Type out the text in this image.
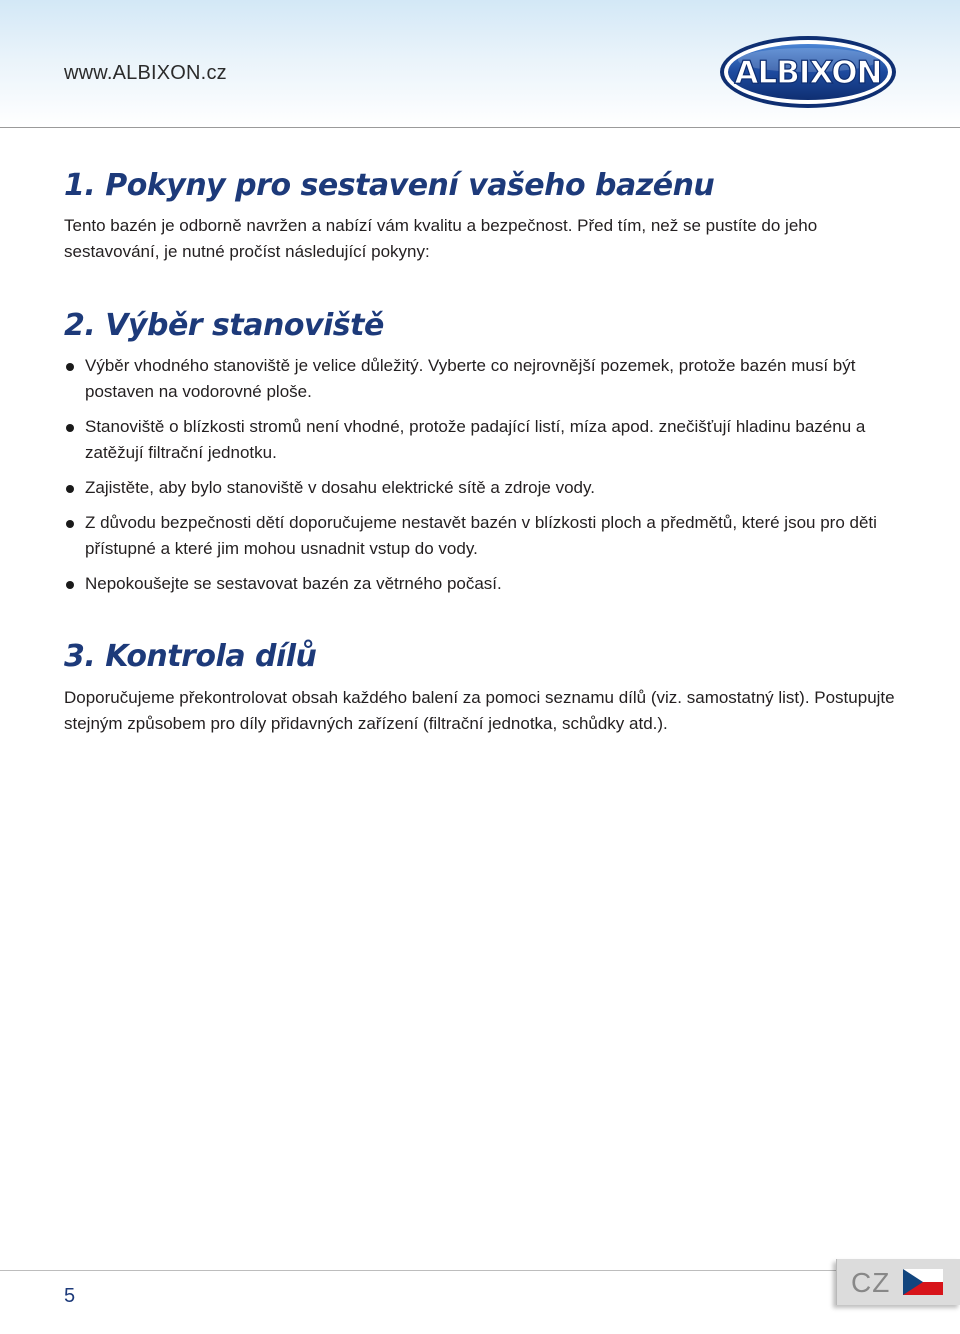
www.ALBIXON.cz	ALBIXON
1. Pokyny pro sestavení vašeho bazénu

Tento bazén je odborně navržen a nabízí vám kvalitu a bezpečnost. Před tím, než se pustíte do jeho sestavování, je nutné pročíst následující pokyny:

2. Výběr stanoviště
Výběr vhodného stanoviště je velice důležitý. Vyberte co nejrovnější pozemek, protože bazén musí být postaven na vodorovné ploše.
Stanoviště o blízkosti stromů není vhodné, protože padající listí, míza apod. znečišťují hladinu bazénu a zatěžují filtrační jednotku.
Zajistěte, aby bylo stanoviště v dosahu elektrické sítě a zdroje vody.
Z důvodu bezpečnosti dětí doporučujeme nestavět bazén v blízkosti ploch a předmětů, které jsou pro děti přístupné a které jim mohou usnadnit vstup do vody.
Nepokoušejte se sestavovat bazén za větrného počasí.
3. Kontrola dílů

Doporučujeme překontrolovat obsah každého balení za pomoci seznamu dílů (viz. samostatný list). Postupujte stejným způsobem pro díly přidavných zařízení (filtrační jednotka, schůdky atd.).

5	CZ
